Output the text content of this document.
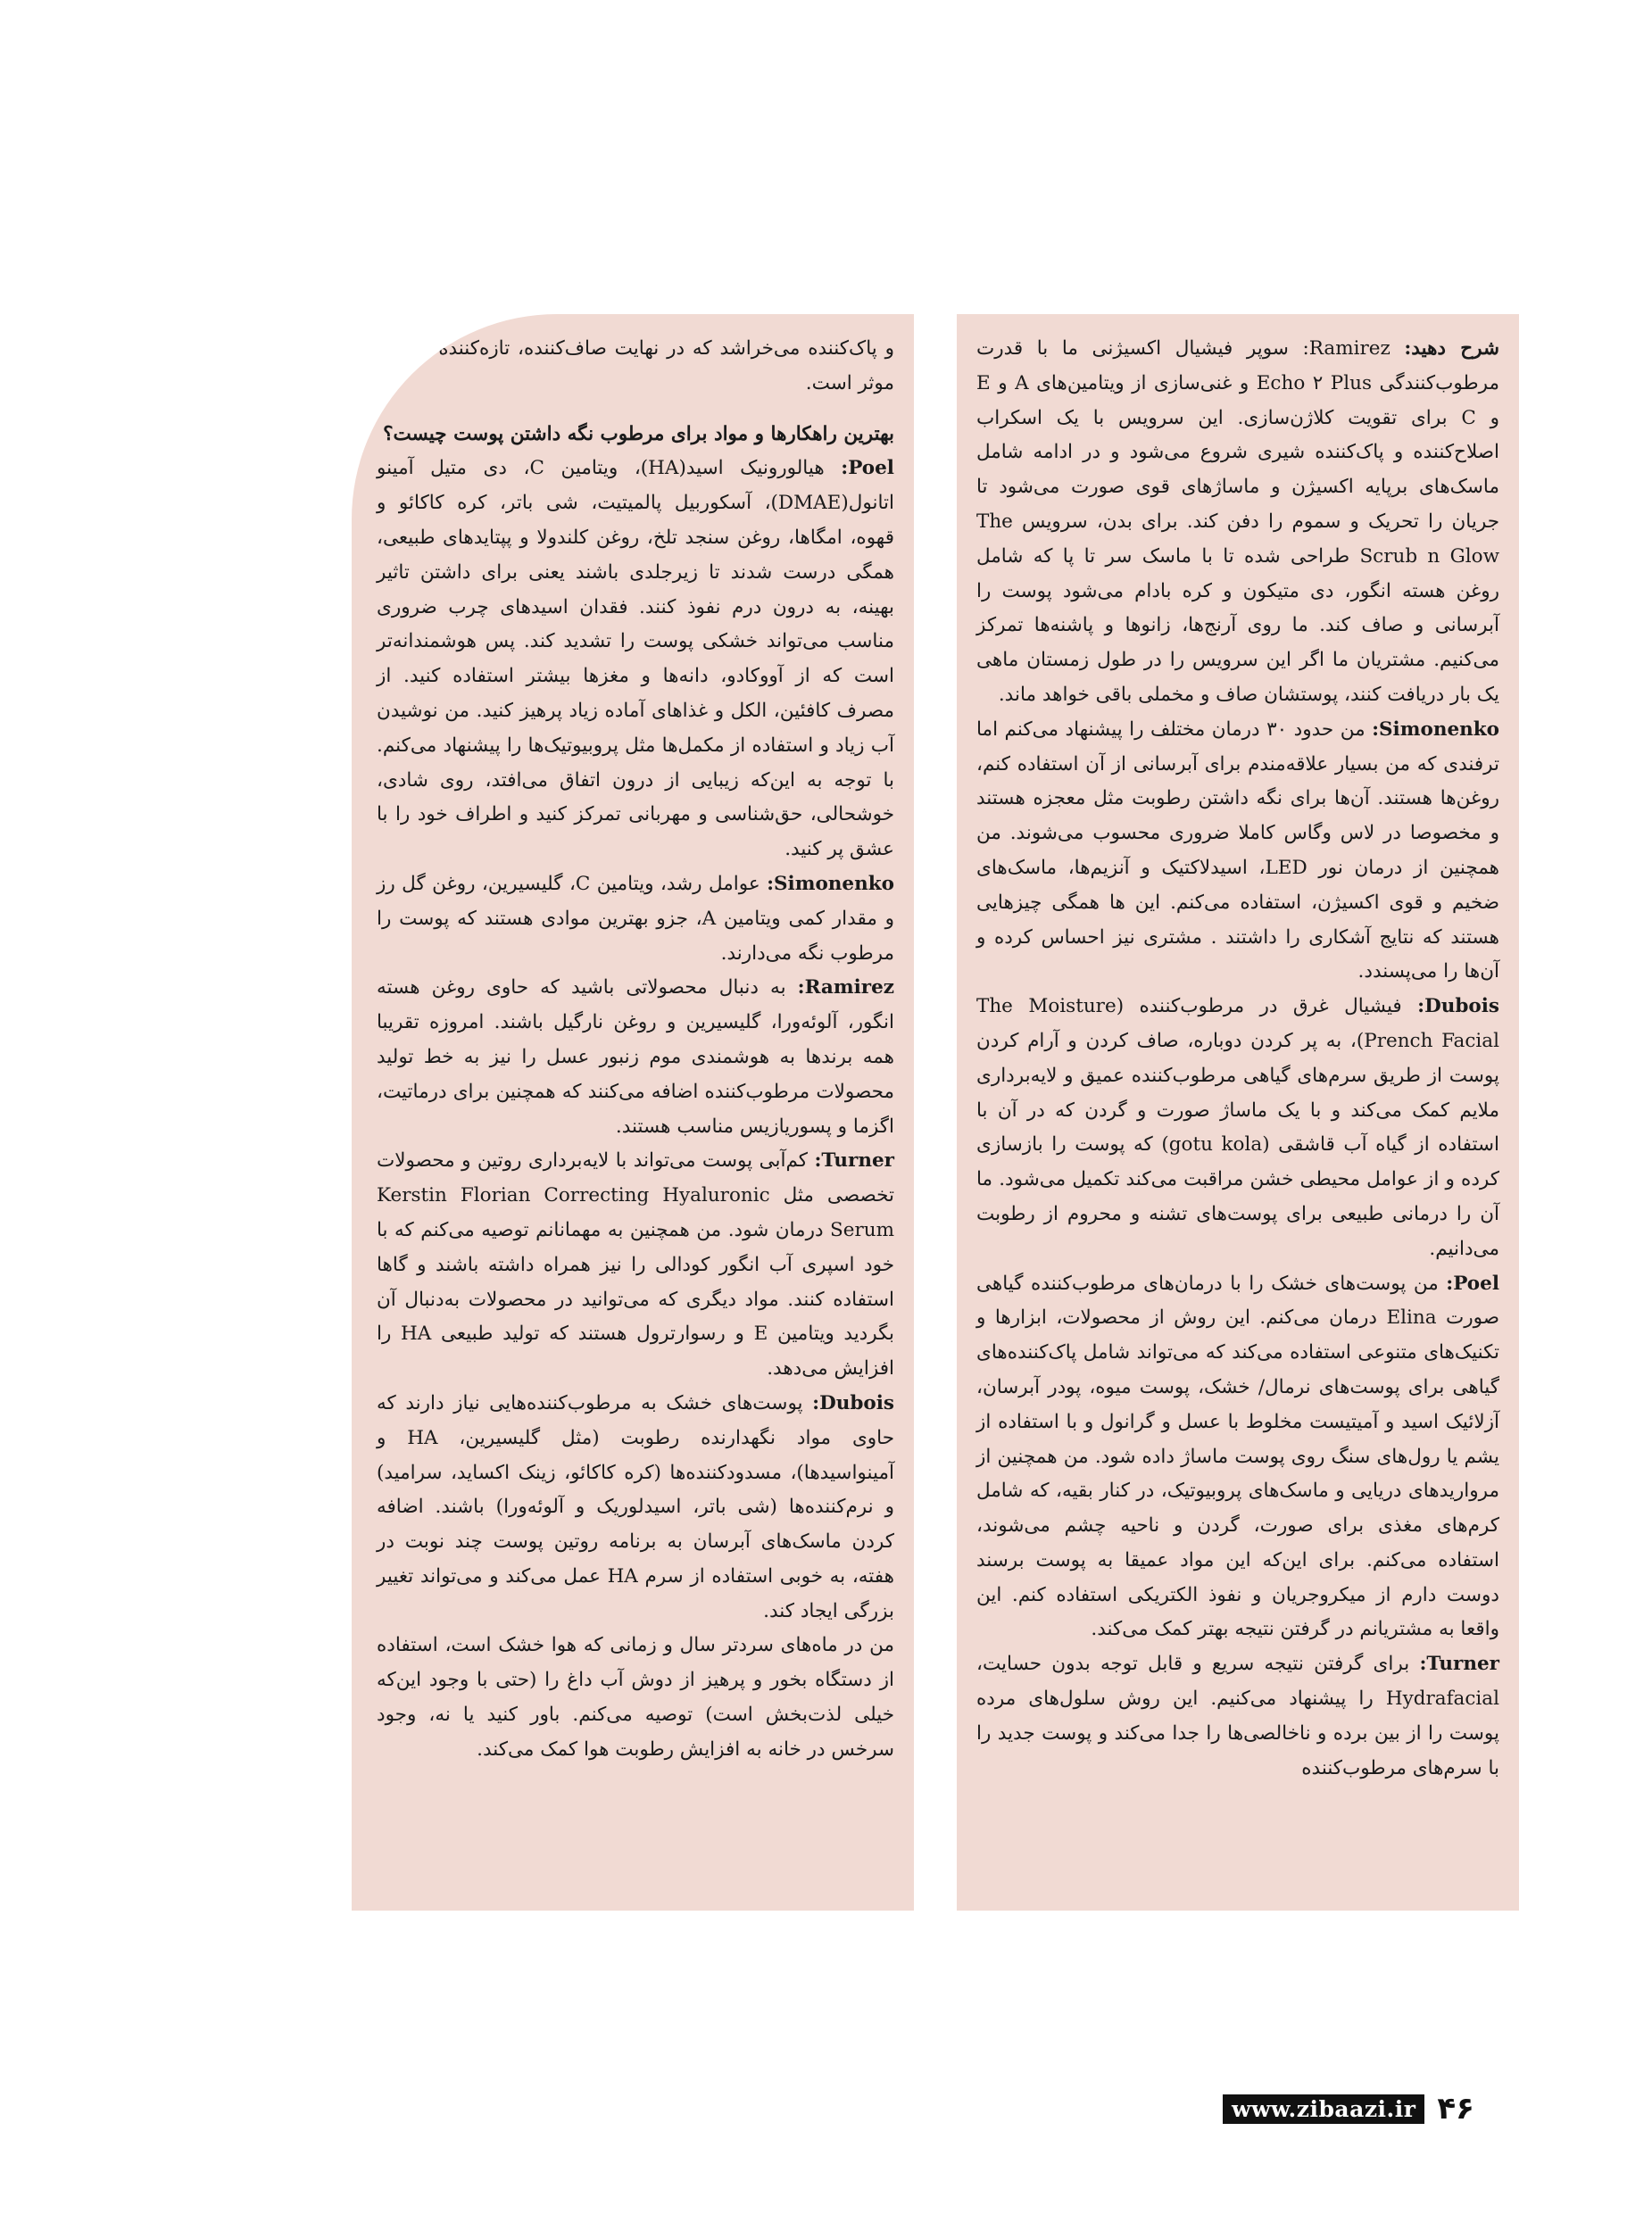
شرح دهید: Ramirez: سوپر فیشیال اکسیژنی ما با قدرت مرطوب‌کنندگی Echo ۲ Plus و غنی‌سازی از ویتامین‌های A و E و C برای تقویت کلاژن‌سازی. این سرویس با یک اسکراب اصلاح‌کننده و پاک‌کننده شیری شروع می‌شود و در ادامه شامل ماسک‌های برپایه اکسیژن و ماساژهای قوی صورت می‌شود تا جریان را تحریک و سموم را دفن کند. برای بدن، سرویس The Scrub n Glow طراحی شده تا با ماسک سر تا پا که شامل روغن هسته انگور، دی متیکون و کره بادام می‌شود پوست را آبرسانی و صاف کند. ما روی آرنج‌ها، زانوها و پاشنه‌ها تمرکز می‌کنیم. مشتریان ما اگر این سرویس را در طول زمستان ماهی یک بار دریافت کنند، پوستشان صاف و مخملی باقی خواهد ماند.

Simonenko: من حدود ۳۰ درمان مختلف را پیشنهاد می‌کنم اما ترفندی که من بسیار علاقه‌مندم برای آبرسانی از آن استفاده کنم، روغن‌ها هستند. آن‌ها برای نگه داشتن رطوبت مثل معجزه هستند و مخصوصا در لاس وگاس کاملا ضروری محسوب می‌شوند. من همچنین از درمان نور LED، اسیدلاکتیک و آنزیم‌ها، ماسک‌های ضخیم و قوی اکسیژن، استفاده می‌کنم. این ها همگی چیزهایی هستند که نتایج آشکاری را داشتند . مشتری نیز احساس کرده و آن‌ها را می‌پسندد.

Dubois: فیشیال غرق در مرطوب‌کننده (The Moisture Prench Facial)، به پر کردن دوباره، صاف کردن و آرام کردن پوست از طریق سرم‌های گیاهی مرطوب‌کننده عمیق و لایه‌برداری ملایم کمک می‌کند و با یک ماساژ صورت و گردن که در آن با استفاده از گیاه آب قاشقی (gotu kola) که پوست را بازسازی کرده و از عوامل محیطی خشن مراقبت می‌کند تکمیل می‌شود. ما آن را درمانی طبیعی برای پوست‌های تشنه و محروم از رطوبت می‌دانیم.

Poel: من پوست‌های خشک را با درمان‌های مرطوب‌کننده گیاهی صورت Elina درمان می‌کنم. این روش از محصولات، ابزارها و تکنیک‌های متنوعی استفاده می‌کند که می‌تواند شامل پاک‌کننده‌های گیاهی برای پوست‌های نرمال/ خشک، پوست میوه، پودر آبرسان، آزلائیک اسید و آمیتیست مخلوط با عسل و گرانول و با استفاده از یشم یا رول‌های سنگ روی پوست ماساژ داده شود. من همچنین از مرواریدهای دریایی و ماسک‌های پروبیوتیک، در کنار بقیه، که شامل کرم‌های مغذی برای صورت، گردن و ناحیه چشم می‌شوند، استفاده می‌کنم. برای این‌که این مواد عمیقا به پوست برسند دوست دارم از میکروجریان و نفوذ الکتریکی استفاده کنم. این واقعا به مشتریانم در گرفتن نتیجه بهتر کمک می‌کند.

Turner: برای گرفتن نتیجه سریع و قابل توجه بدون حسایت، Hydrafacial را پیشنهاد می‌کنیم. این روش سلول‌های مرده پوست را از بین برده و ناخالصی‌ها را جدا می‌کند و پوست جدید را با سرم‌های مرطوب‌کننده

و پاک‌کننده می‌خراشد که در نهایت صاف‌کننده، تازه‌کننده و موثر است.

بهترین راهکارها و مواد برای مرطوب نگه داشتن پوست چیست؟

Poel: هیالورونیک اسید(HA)، ویتامین C، دی متیل آمینو اتانول(DMAE)، آسکوربیل پالمیتیت، شی باتر، کره کاکائو و قهوه، امگاها، روغن سنجد تلخ، روغن کلندولا و پپتایدهای طبیعی، همگی درست شدند تا زیرجلدی باشند یعنی برای داشتن تاثیر بهینه، به درون درم نفوذ کنند. فقدان اسیدهای چرب ضروری مناسب می‌تواند خشکی پوست را تشدید کند. پس هوشمندانه‌تر است که از آووکادو، دانه‌ها و مغزها بیشتر استفاده کنید. از مصرف کافئین، الکل و غذاهای آماده زیاد پرهیز کنید. من نوشیدن آب زیاد و استفاده از مکمل‌ها مثل پروبیوتیک‌ها را پیشنهاد می‌کنم. با توجه به این‌که زیبایی از درون اتفاق می‌افتد، روی شادی، خوشحالی، حق‌شناسی و مهربانی تمرکز کنید و اطراف خود را با عشق پر کنید.

Simonenko: عوامل رشد، ویتامین C، گلیسیرین، روغن گل رز و مقدار کمی ویتامین A، جزو بهترین موادی هستند که پوست را مرطوب نگه می‌دارند.

Ramirez: به دنبال محصولاتی باشید که حاوی روغن هسته انگور، آلوئه‌ورا، گلیسیرین و روغن نارگیل باشند. امروزه تقریبا همه برندها به هوشمندی موم زنبور عسل را نیز به خط تولید محصولات مرطوب‌کننده اضافه می‌کنند که همچنین برای درماتیت، اگزما و پسوریازیس مناسب هستند.

Turner: کم‌آبی پوست می‌تواند با لایه‌برداری روتین و محصولات تخصصی مثل Kerstin Florian Correcting Hyaluronic Serum درمان شود. من همچنین به مهمانانم توصیه می‌کنم که با خود اسپری آب انگور کودالی را نیز همراه داشته باشند و گاها استفاده کنند. مواد دیگری که می‌توانید در محصولات به‌دنبال آن بگردید ویتامین E و رسوارترول هستند که تولید طبیعی HA را افزایش می‌دهد.

Dubois: پوست‌های خشک به مرطوب‌کننده‌هایی نیاز دارند که حاوی مواد نگهدارنده رطوبت (مثل گلیسیرین، HA و آمینواسیدها)، مسدودکننده‌ها (کره کاکائو، زینک اکساید، سرامید) و نرم‌کننده‌ها (شی باتر، اسیدلوریک و آلوئه‌ورا) باشند. اضافه کردن ماسک‌های آبرسان به برنامه روتین پوست چند نوبت در هفته، به خوبی استفاده از سرم HA عمل می‌کند و می‌تواند تغییر بزرگی ایجاد کند.

من در ماه‌های سردتر سال و زمانی که هوا خشک است، استفاده از دستگاه بخور و پرهیز از دوش آب داغ را (حتی با وجود این‌که خیلی لذت‌بخش است) توصیه می‌کنم. باور کنید یا نه، وجود سرخس در خانه به افزایش رطوبت هوا کمک می‌کند.

www.zibaazi.ir ۴۶
